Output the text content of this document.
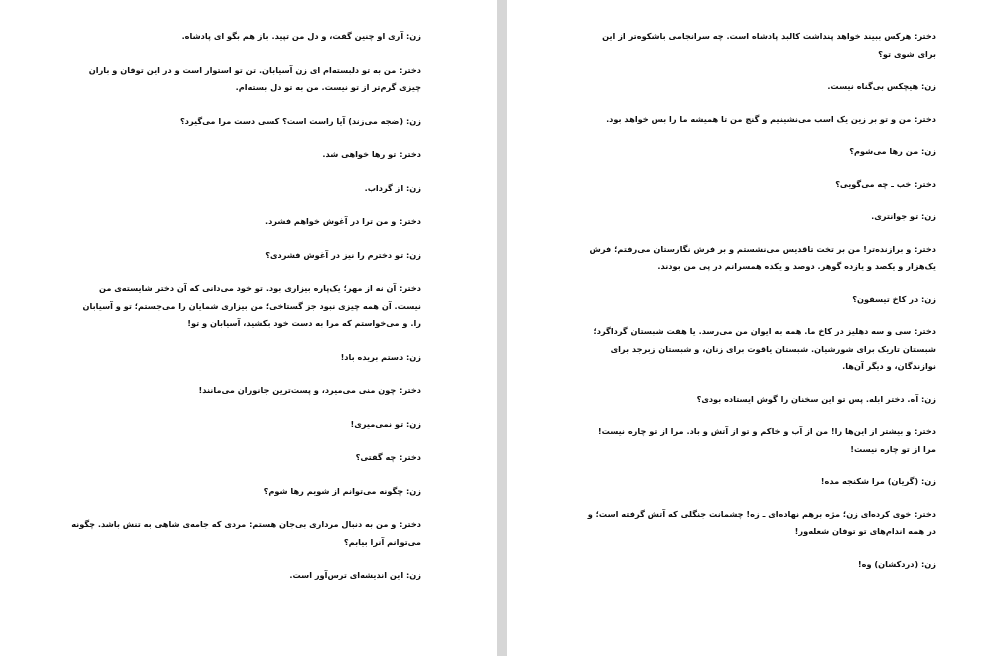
زن: آری او چنین گفت، و دل من تپید. باز هم بگو ای پادشاه.

دختر: من به تو دلبسته‌ام ای زن آسیابان. تن تو استوار است و در این توفان و باران چیزی گرم‌تر از تو نیست. من به تو دل بسته‌ام.

زن: (ضجه می‌زند) آیا راست است؟ کسی دست مرا می‌گیرد؟

دختر: تو رها خواهی شد.

زن: از گرداب.

دختر: و من ترا در آغوش خواهم فشرد.

زن: تو دخترم را نیز در آغوش فشردی؟

دختر: آن نه از مهر؛ یک‌پاره بیزاری بود. تو خود می‌دانی که آن دختر شایسته‌ی من نیست. آن همه چیزی نبود جز گستاخی؛ من بیزاری شمایان را می‌جستم؛ تو و آسیابان را. و می‌خواستم که مرا به دست خود بکشید، آسیابان و تو!

زن: دستم بریده باد!

دختر: چون منی می‌میرد، و پست‌ترین جانوران می‌مانند!

زن: تو نمی‌میری!

دختر: چه گفتی؟

زن: چگونه می‌توانم از شویم رها شوم؟

دختر: و من به دنبال مرداری بی‌جان هستم: مردی که جامه‌ی شاهی به تنش باشد. چگونه می‌توانم آنرا بیابم؟

زن: این اندیشه‌ای ترس‌آور است.

دختر: هرکس ببیند خواهد پنداشت کالبد پادشاه است. چه سرانجامی باشکوه‌تر از این برای شوی تو؟

زن: هیچکس بی‌گناه نیست.

دختر: من و تو بر زین یک اسب می‌نشینیم و گنج من تا همیشه ما را بس خواهد بود.

زن: من رها می‌شوم؟

دختر: خب ـ چه می‌گویی؟

زن: تو جوانتری.

دختر: و برازنده‌تر! من بر تخت تاقدیس می‌نشستم و بر فرش نگارستان می‌رفتم؛ فرش یک‌هزار و یکصد و یازده گوهر. دوصد و یکده همسرانم در پی من بودند.

زن: در کاخ تیسفون؟

دختر: سی و سه دهلیز در کاخ ما. همه به ایوان من می‌رسد. یا هفت شبستان گرداگرد؛ شبستان تاریک برای شورشیان. شبستان یاقوت برای زنان، و شبستان زبرجد برای نوازندگان، و دیگر آن‌ها.

زن: آه. دختر ابله. پس تو این سخنان را گوش ایستاده بودی؟

دختر: و بیشتر از این‌ها را! من از آب و خاکم و تو از آتش و باد. مرا از تو چاره نیست! مرا از تو چاره نیست!

زن: (گریان) مرا شکنجه مده!

دختر: خوی کرده‌ای زن؛ مژه برهم نهاده‌ای ـ زه! چشمانت جنگلی که آتش گرفته است؛ و در همه اندام‌های تو توفان شعله‌ور!

زن: (دردکشان) وه!
